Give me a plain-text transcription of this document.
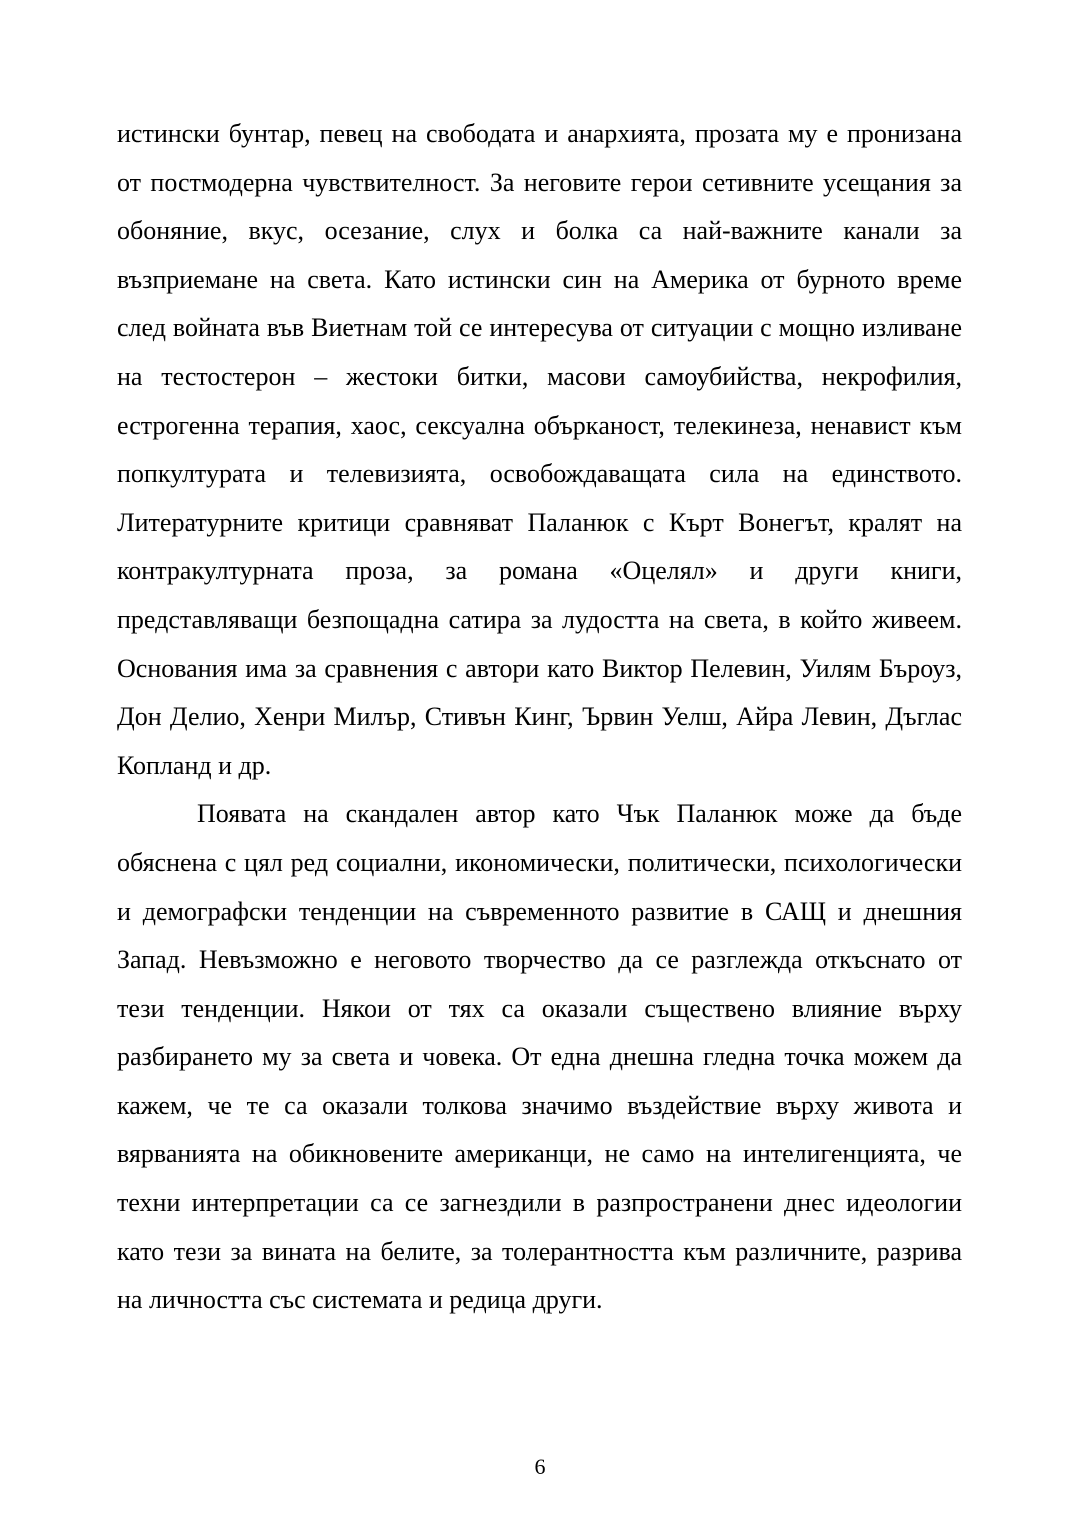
истински бунтар, певец на свободата и анархията, прозата му е пронизана от постмодерна чувствителност. За неговите герои сетивните усещания за обоняние, вкус, осезание, слух и болка са най-важните канали за възприемане на света. Като истински син на Америка от бурното време след войната във Виетнам той се интересува от ситуации с мощно изливане на тестостерон – жестоки битки, масови самоубийства, некрофилия, естрогенна терапия, хаос, сексуална объркaност, телекинеза, ненавист към попкултурата и телевизията, освобождаващата сила на единството. Литературните критици сравняват Паланюк с Кърт Вонегът, кралят на контракултурната проза, за романа «Оцелял» и други книги, представляващи безпощадна сатира за лудостта на света, в който живеем. Основания има за сравнения с автори като Виктор Пелевин, Уилям Бъроуз, Дон Делио, Хенри Милър, Стивън Кинг, Ървин Уелш, Айра Левин, Дъглас Копланд и др.

Появата на скандален автор като Чък Паланюк може да бъде обяснена с цял ред социални, икономически, политически, психологически и демографски тенденции на съвременното развитие в САЩ и днешния Запад. Невъзможно е неговото творчество да се разглежда откъснато от тези тенденции. Някои от тях са оказали съществено влияние върху разбирането му за света и човека. От една днешна гледна точка можем да кажем, че те са оказали толкова значимо въздействие върху живота и вярванията на обикновените американци, не само на интелигенцията, че техни интерпретации са се загнездили в разпространени днес идеологии като тези за вината на белите, за толерантността към различните, разрива на личността със системата и редица други.

6
